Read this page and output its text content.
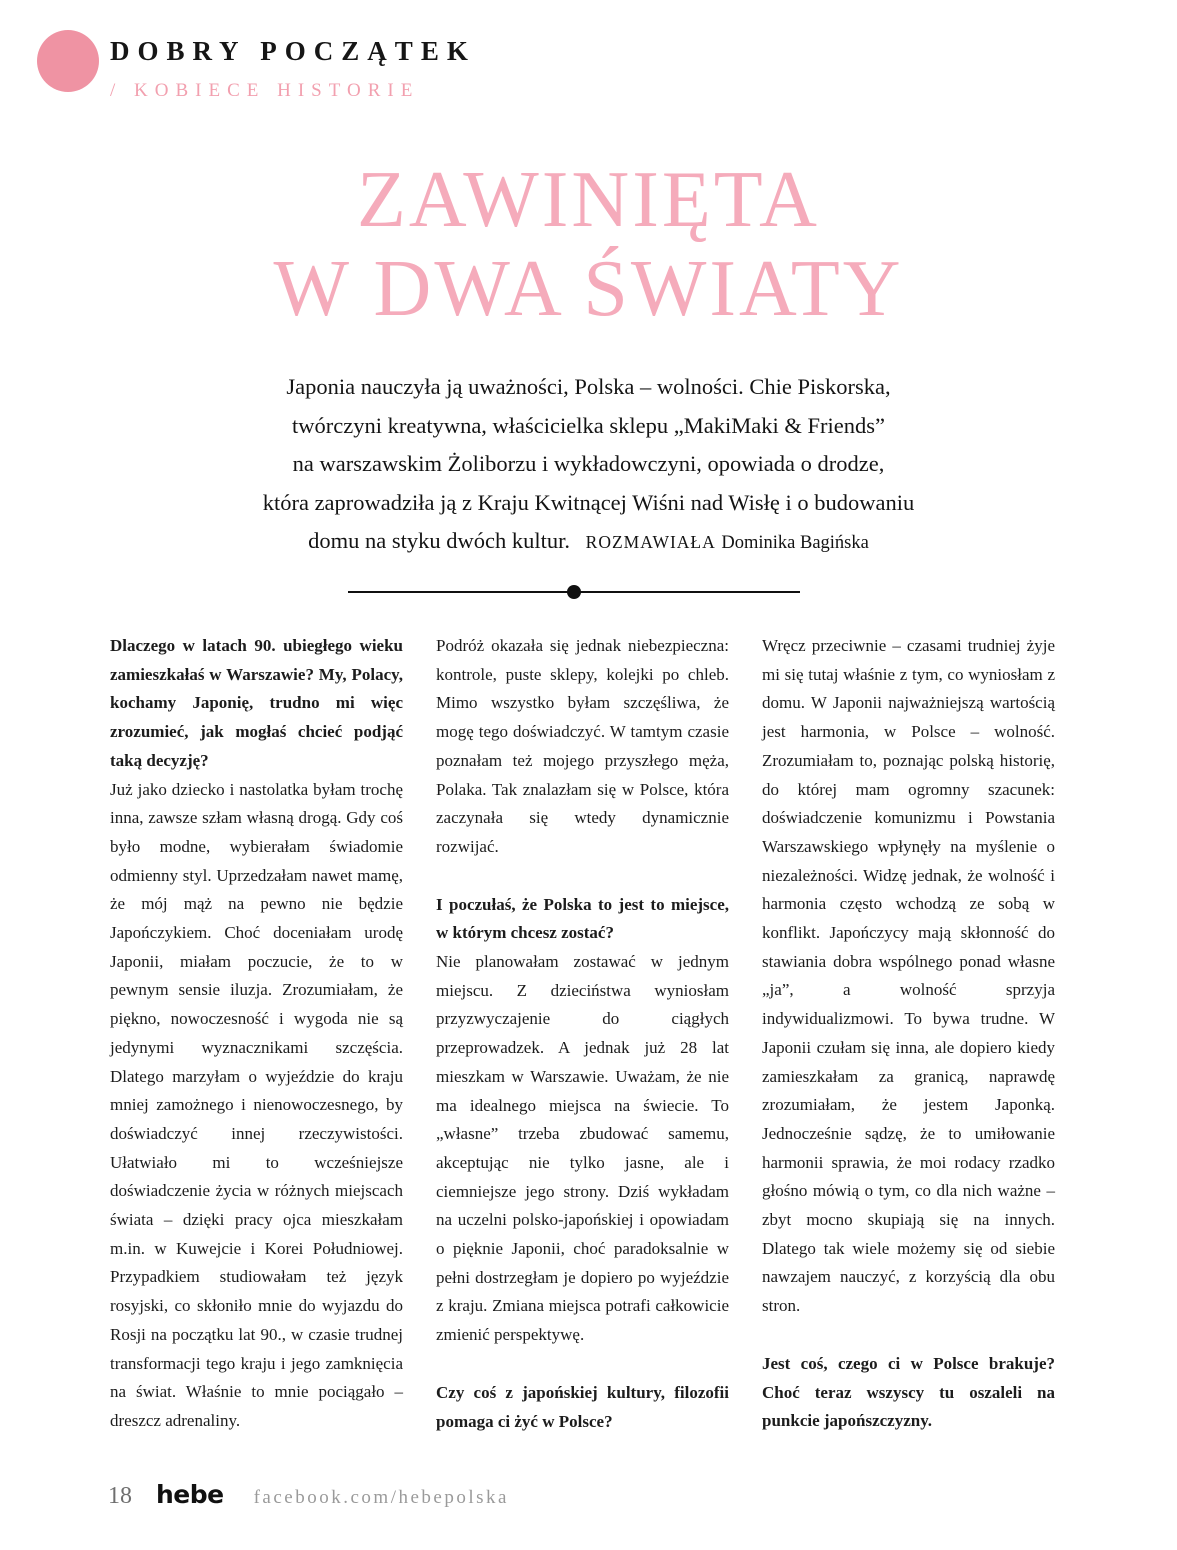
DOBRY POCZĄTEK
/ KOBIECE HISTORIE
ZAWINIĘTA
W DWA ŚWIATY
Japonia nauczyła ją uważności, Polska – wolności. Chie Piskorska,
twórczyni kreatywna, właścicielka sklepu „MakiMaki & Friends”
na warszawskim Żoliborzu i wykładowczyni, opowiada o drodze,
która zaprowadziła ją z Kraju Kwitnącej Wiśni nad Wisłę i o budowaniu
domu na styku dwóch kultur. ROZMAWIAŁA Dominika Bagińska

Dlaczego w latach 90. ubiegłego wieku zamieszkałaś w Warszawie? My, Polacy, kochamy Japonię, trudno mi więc zrozumieć, jak mogłaś chcieć podjąć taką decyzję?

Już jako dziecko i nastolatka byłam trochę inna, zawsze szłam własną drogą. Gdy coś było modne, wybierałam świadomie odmienny styl. Uprzedzałam nawet mamę, że mój mąż na pewno nie będzie Japończykiem. Choć doceniałam urodę Japonii, miałam poczucie, że to w pewnym sensie iluzja. Zrozumiałam, że piękno, nowoczesność i wygoda nie są jedynymi wyznacznikami szczęścia. Dlatego marzyłam o wyjeździe do kraju mniej zamożnego i nienowoczesnego, by doświadczyć innej rzeczywistości. Ułatwiało mi to wcześniejsze doświadczenie życia w różnych miejscach świata – dzięki pracy ojca mieszkałam m.in. w Kuwejcie i Korei Południowej. Przypadkiem studiowałam też język rosyjski, co skłoniło mnie do wyjazdu do Rosji na początku lat 90., w czasie trudnej transformacji tego kraju i jego zamknięcia na świat. Właśnie to mnie pociągało – dreszcz adrenaliny.

Podróż okazała się jednak niebezpieczna: kontrole, puste sklepy, kolejki po chleb. Mimo wszystko byłam szczęśliwa, że mogę tego doświadczyć. W tamtym czasie poznałam też mojego przyszłego męża, Polaka. Tak znalazłam się w Polsce, która zaczynała się wtedy dynamicznie rozwijać.

I poczułaś, że Polska to jest to miejsce, w którym chcesz zostać?

Nie planowałam zostawać w jednym miejscu. Z dzieciństwa wyniosłam przyzwyczajenie do ciągłych przeprowadzek. A jednak już 28 lat mieszkam w Warszawie. Uważam, że nie ma idealnego miejsca na świecie. To „własne” trzeba zbudować samemu, akceptując nie tylko jasne, ale i ciemniejsze jego strony. Dziś wykładam na uczelni polsko-japońskiej i opowiadam o pięknie Japonii, choć paradoksalnie w pełni dostrzegłam je dopiero po wyjeździe z kraju. Zmiana miejsca potrafi całkowicie zmienić perspektywę.

Czy coś z japońskiej kultury, filozofii pomaga ci żyć w Polsce?

Wręcz przeciwnie – czasami trudniej żyje mi się tutaj właśnie z tym, co wyniosłam z domu. W Japonii najważniejszą wartością jest harmonia, w Polsce – wolność. Zrozumiałam to, poznając polską historię, do której mam ogromny szacunek: doświadczenie komunizmu i Powstania Warszawskiego wpłynęły na myślenie o niezależności. Widzę jednak, że wolność i harmonia często wchodzą ze sobą w konflikt. Japończycy mają skłonność do stawiania dobra wspólnego ponad własne „ja”, a wolność sprzyja indywidualizmowi. To bywa trudne. W Japonii czułam się inna, ale dopiero kiedy zamieszkałam za granicą, naprawdę zrozumiałam, że jestem Japonką. Jednocześnie sądzę, że to umiłowanie harmonii sprawia, że moi rodacy rzadko głośno mówią o tym, co dla nich ważne – zbyt mocno skupiają się na innych. Dlatego tak wiele możemy się od siebie nawzajem nauczyć, z korzyścią dla obu stron.

Jest coś, czego ci w Polsce brakuje? Choć teraz wszyscy tu oszaleli na punkcie japońszczyzny.

18 hebe facebook.com/hebepolska
